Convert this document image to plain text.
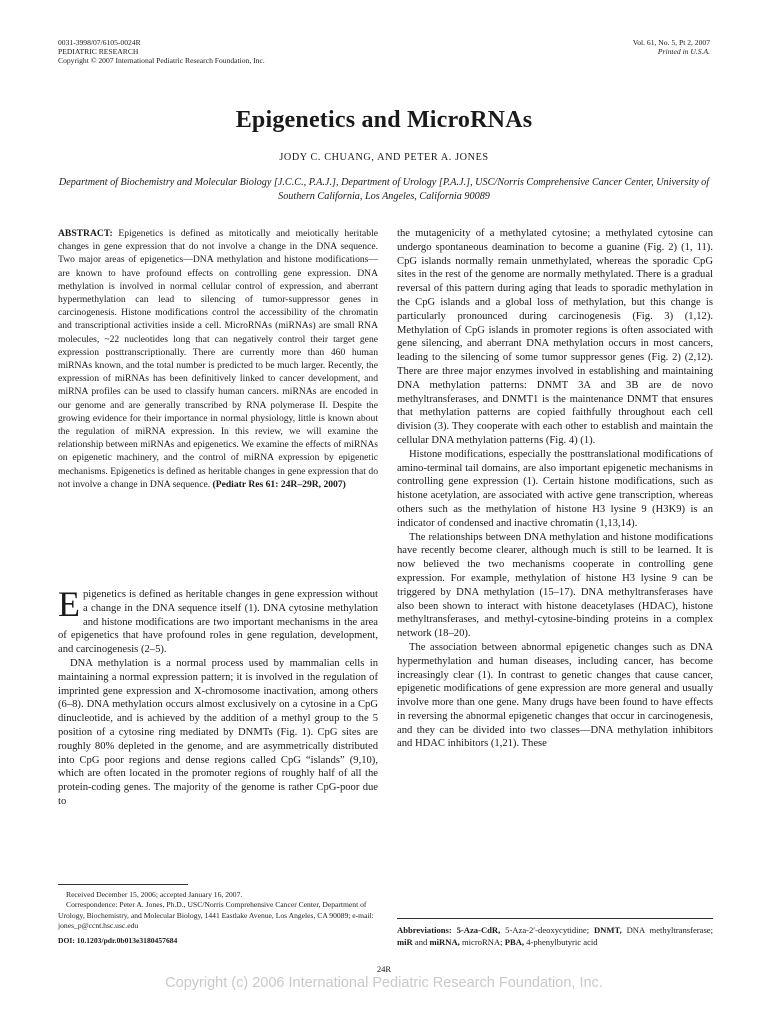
0031-3998/07/6105-0024R
PEDIATRIC RESEARCH
Copyright © 2007 International Pediatric Research Foundation, Inc.
Vol. 61, No. 5, Pt 2, 2007
Printed in U.S.A.
Epigenetics and MicroRNAs
JODY C. CHUANG, AND PETER A. JONES
Department of Biochemistry and Molecular Biology [J.C.C., P.A.J.], Department of Urology [P.A.J.], USC/Norris Comprehensive Cancer Center, University of Southern California, Los Angeles, California 90089
ABSTRACT: Epigenetics is defined as mitotically and meiotically heritable changes in gene expression that do not involve a change in the DNA sequence. Two major areas of epigenetics—DNA methylation and histone modifications—are known to have profound effects on controlling gene expression. DNA methylation is involved in normal cellular control of expression, and aberrant hypermethylation can lead to silencing of tumor-suppressor genes in carcinogenesis. Histone modifications control the accessibility of the chromatin and transcriptional activities inside a cell. MicroRNAs (miRNAs) are small RNA molecules, ~22 nucleotides long that can negatively control their target gene expression posttranscriptionally. There are currently more than 460 human miRNAs known, and the total number is predicted to be much larger. Recently, the expression of miRNAs has been definitively linked to cancer development, and miRNA profiles can be used to classify human cancers. miRNAs are encoded in our genome and are generally transcribed by RNA polymerase II. Despite the growing evidence for their importance in normal physiology, little is known about the regulation of miRNA expression. In this review, we will examine the relationship between miRNAs and epigenetics. We examine the effects of miRNAs on epigenetic machinery, and the control of miRNA expression by epigenetic mechanisms. Epigenetics is defined as heritable changes in gene expression that do not involve a change in DNA sequence. (Pediatr Res 61: 24R–29R, 2007)

Epigenetics is defined as heritable changes in gene expression without a change in the DNA sequence itself (1). DNA cytosine methylation and histone modifications are two important mechanisms in the area of epigenetics that have profound roles in gene regulation, development, and carcinogenesis (2–5).

DNA methylation is a normal process used by mammalian cells in maintaining a normal expression pattern; it is involved in the regulation of imprinted gene expression and X-chromosome inactivation, among others (6–8). DNA methylation occurs almost exclusively on a cytosine in a CpG dinucleotide, and is achieved by the addition of a methyl group to the 5 position of a cytosine ring mediated by DNMTs (Fig. 1). CpG sites are roughly 80% depleted in the genome, and are asymmetrically distributed into CpG poor regions and dense regions called CpG “islands” (9,10), which are often located in the promoter regions of roughly half of all the protein-coding genes. The majority of the genome is rather CpG-poor due to

the mutagenicity of a methylated cytosine; a methylated cytosine can undergo spontaneous deamination to become a guanine (Fig. 2) (1, 11). CpG islands normally remain unmethylated, whereas the sporadic CpG sites in the rest of the genome are normally methylated. There is a gradual reversal of this pattern during aging that leads to sporadic methylation in the CpG islands and a global loss of methylation, but this change is particularly pronounced during carcinogenesis (Fig. 3) (1,12). Methylation of CpG islands in promoter regions is often associated with gene silencing, and aberrant DNA methylation occurs in most cancers, leading to the silencing of some tumor suppressor genes (Fig. 2) (2,12). There are three major enzymes involved in establishing and maintaining DNA methylation patterns: DNMT 3A and 3B are de novo methyltransferases, and DNMT1 is the maintenance DNMT that ensures that methylation patterns are copied faithfully throughout each cell division (3). They cooperate with each other to establish and maintain the cellular DNA methylation patterns (Fig. 4) (1).

Histone modifications, especially the posttranslational modifications of amino-terminal tail domains, are also important epigenetic mechanisms in controlling gene expression (1). Certain histone modifications, such as histone acetylation, are associated with active gene transcription, whereas others such as the methylation of histone H3 lysine 9 (H3K9) is an indicator of condensed and inactive chromatin (1,13,14).

The relationships between DNA methylation and histone modifications have recently become clearer, although much is still to be learned. It is now believed the two mechanisms cooperate in controlling gene expression. For example, methylation of histone H3 lysine 9 can be triggered by DNA methylation (15–17). DNA methyltransferases have also been shown to interact with histone deacetylases (HDAC), histone methyltransferases, and methyl-cytosine-binding proteins in a complex network (18–20).

The association between abnormal epigenetic changes such as DNA hypermethylation and human diseases, including cancer, has become increasingly clear (1). In contrast to genetic changes that cause cancer, epigenetic modifications of gene expression are more general and usually involve more than one gene. Many drugs have been found to have effects in reversing the abnormal epigenetic changes that occur in carcinogenesis, and they can be divided into two classes—DNA methylation inhibitors and HDAC inhibitors (1,21). These

Received December 15, 2006; accepted January 16, 2007.

Correspondence: Peter A. Jones, Ph.D., USC/Norris Comprehensive Cancer Center, Department of Urology, Biochemistry, and Molecular Biology, 1441 Eastlake Avenue, Los Angeles, CA 90089; e-mail: jones_p@ccnt.hsc.usc.edu

DOI: 10.1203/pdr.0b013e3180457684

Abbreviations: 5-Aza-CdR, 5-Aza-2′-deoxycytidine; DNMT, DNA methyltransferase; miR and miRNA, microRNA; PBA, 4-phenylbutyric acid
24R
Copyright (c) 2006 International Pediatric Research Foundation, Inc.
